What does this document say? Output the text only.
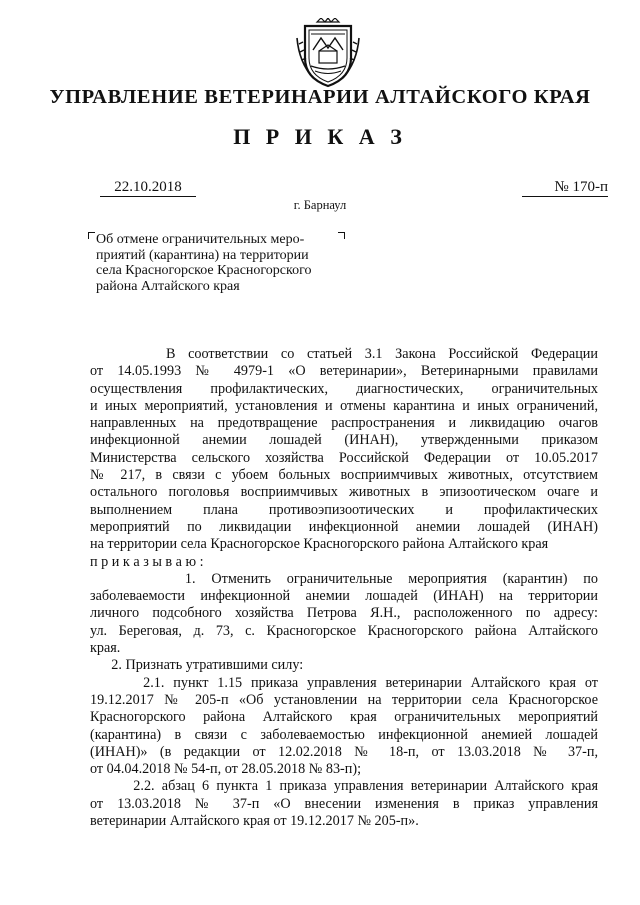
УПРАВЛЕНИЕ ВЕТЕРИНАРИИ АЛТАЙСКОГО КРАЯ
П Р И К А З
22.10.2018	№ 170-п
г. Барнаул
Об отмене ограничительных меро-
приятий (карантина) на территории
села Красногорское Красногорского
района Алтайского края
В соответствии со статьей 3.1 Закона Российской Федерации
от 14.05.1993 № 4979-1 «О ветеринарии», Ветеринарными правилами
осуществления профилактических, диагностических, ограничительных
и иных мероприятий, установления и отмены карантина и иных ограничений,
направленных на предотвращение распространения и ликвидацию очагов
инфекционной анемии лошадей (ИНАН), утвержденными приказом
Министерства сельского хозяйства Российской Федерации от 10.05.2017
№ 217, в связи с убоем больных восприимчивых животных, отсутствием
остального поголовья восприимчивых животных в эпизоотическом очаге и
выполнением плана противоэпизоотических и профилактических
мероприятий по ликвидации инфекционной анемии лошадей (ИНАН)
на территории села Красногорское Красногорского района Алтайского края
п р и к а з ы в а ю :
1. Отменить ограничительные мероприятия (карантин) по
заболеваемости инфекционной анемии лошадей (ИНАН) на территории
личного подсобного хозяйства Петрова Я.Н., расположенного по адресу:
ул. Береговая, д. 73, с. Красногорское Красногорского района Алтайского
края.
2. Признать утратившими силу:
2.1. пункт 1.15 приказа управления ветеринарии Алтайского края от
19.12.2017 № 205-п «Об установлении на территории села Красногорское
Красногорского района Алтайского края ограничительных мероприятий
(карантина) в связи с заболеваемостью инфекционной анемией лошадей
(ИНАН)» (в редакции от 12.02.2018 № 18-п, от 13.03.2018 № 37-п,
от 04.04.2018 № 54-п, от 28.05.2018 № 83-п);
2.2. абзац 6 пункта 1 приказа управления ветеринарии Алтайского края
от 13.03.2018 № 37-п «О внесении изменения в приказ управления
ветеринарии Алтайского края от 19.12.2017 № 205-п».
